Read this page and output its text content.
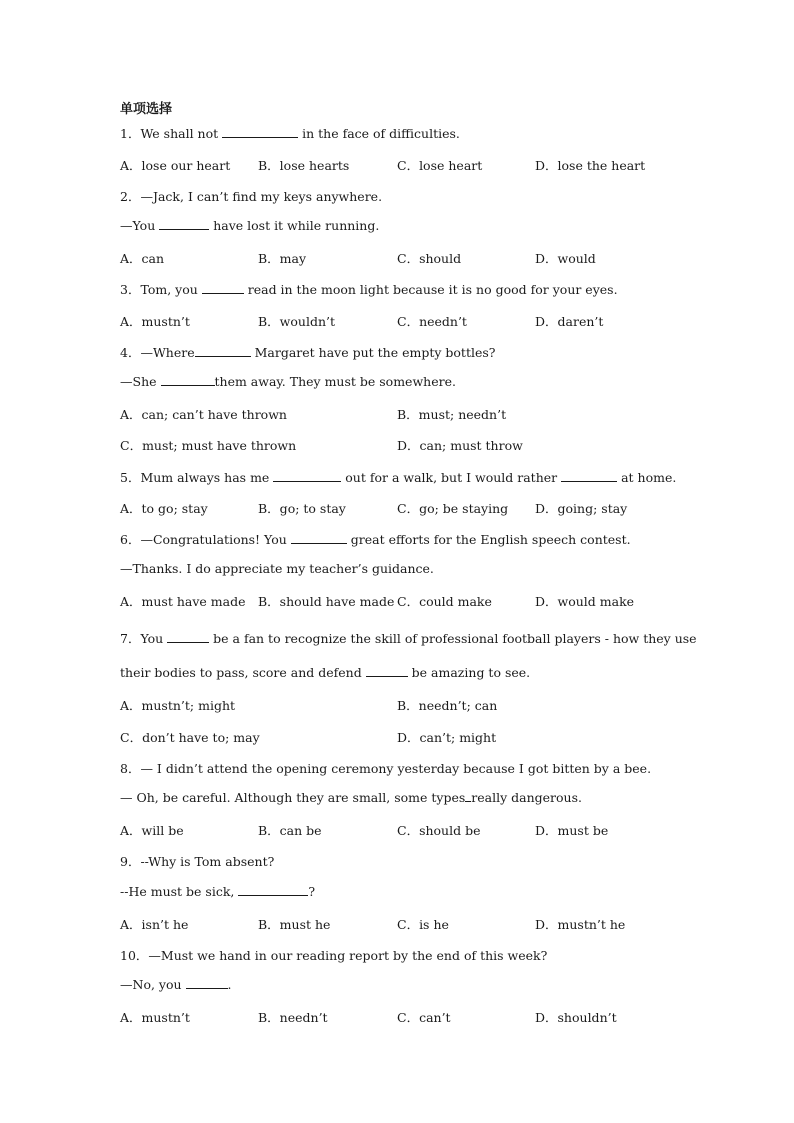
单项选择
1．We shall not	in the face of difficulties.
A．lose our heart B．lose hearts	C．lose heart	D．lose the heart
2．—Jack, I can’t find my keys anywhere.
—You	have lost it while running.
A．can	B．may	C．should	D．would
3．Tom, you	read in the moon light because it is no good for your eyes.
A．mustn’t	B．wouldn’t	C．needn’t	D．daren’t
4．—Where	Margaret have put the empty bottles?
—She	them away. They must be somewhere.
A．can; can’t have thrown	B．must; needn’t
C．must; must have thrown	D．can; must throw
5．Mum always has me	out for a walk, but I would rather	at home.
A．to go; stay	B．go; to stay	C．go; be staying D．going; stay
6．—Congratulations! You	great efforts for the English speech contest.
—Thanks. I do appreciate my teacher’s guidance.
A．must have made B．should have made C．could make	D．would make
7．You	be a fan to recognize the skill of professional football players - how they use
their bodies to pass, score and defend	be amazing to see.
A．mustn’t; might	B．needn’t; can
C．don’t have to; may	D．can’t; might
8．— I didn’t attend the opening ceremony yesterday because I got bitten by a bee.
— Oh, be careful. Although they are small, some types really dangerous.
A．will be	B．can be	C．should be	D．must be
9．--Why is Tom absent?
--He must be sick,	?
A．isn’t he	B．must he	C．is he	D．mustn’t he
10．—Must we hand in our reading report by the end of this week?
—No, you	.
A．mustn’t	B．needn’t	C．can’t	D．shouldn’t
